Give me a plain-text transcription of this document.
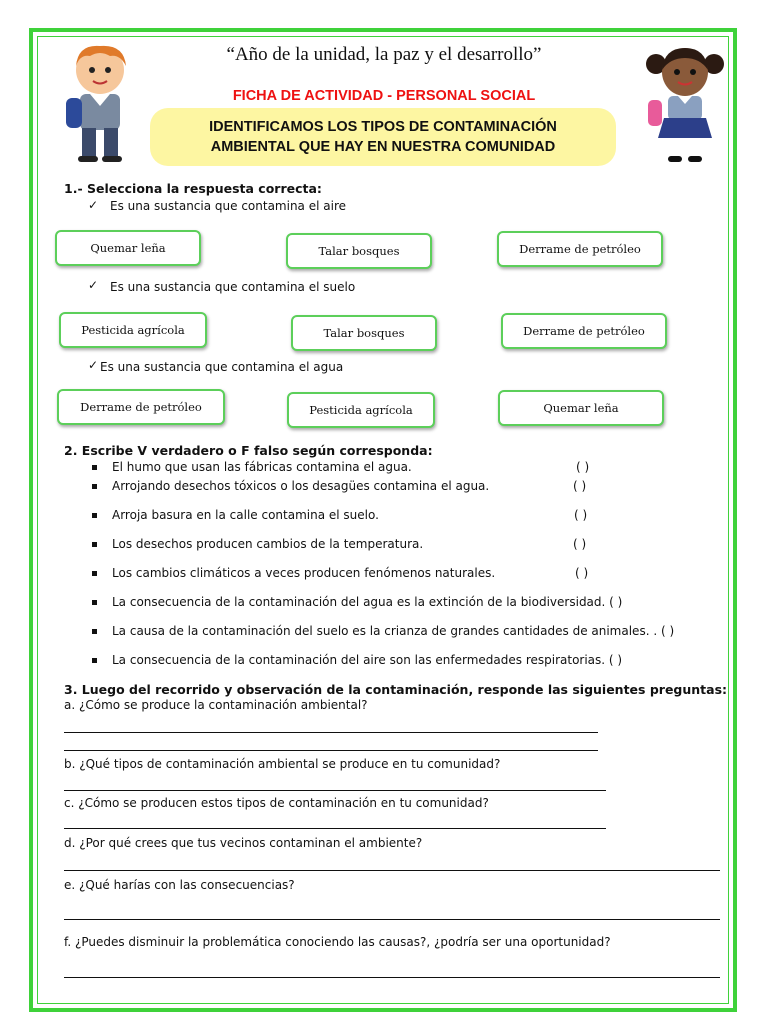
“Año de la unidad, la paz y el desarrollo”
FICHA DE ACTIVIDAD - PERSONAL SOCIAL
IDENTIFICAMOS LOS TIPOS DE CONTAMINACIÓN
AMBIENTAL QUE HAY EN NUESTRA COMUNIDAD
1.- Selecciona la respuesta correcta:
✓ Es una sustancia que contamina el aire
Quemar leña	Talar bosques	Derrame de petróleo
✓ Es una sustancia que contamina el suelo
Pesticida agrícola	Talar bosques	Derrame de petróleo
✓ Es una sustancia que contamina el agua
Derrame de petróleo	Pesticida agrícola	Quemar leña
2. Escribe V verdadero o F falso según corresponda:
El humo que usan las fábricas contamina el agua.	( )
Arrojando desechos tóxicos o los desagües contamina el agua.	( )
Arroja basura en la calle contamina el suelo.	( )
Los desechos producen cambios de la temperatura.	( )
Los cambios climáticos a veces producen fenómenos naturales.	( )
La consecuencia de la contaminación del agua es la extinción de la biodiversidad. ( )
La causa de la contaminación del suelo es la crianza de grandes cantidades de animales. . ( )
La consecuencia de la contaminación del aire son las enfermedades respiratorias. ( )
3. Luego del recorrido y observación de la contaminación, responde las siguientes preguntas:
a. ¿Cómo se produce la contaminación ambiental?
b. ¿Qué tipos de contaminación ambiental se produce en tu comunidad?
c. ¿Cómo se producen estos tipos de contaminación en tu comunidad?
d. ¿Por qué crees que tus vecinos contaminan el ambiente?
e. ¿Qué harías con las consecuencias?
f. ¿Puedes disminuir la problemática conociendo las causas?, ¿podría ser una oportunidad?
